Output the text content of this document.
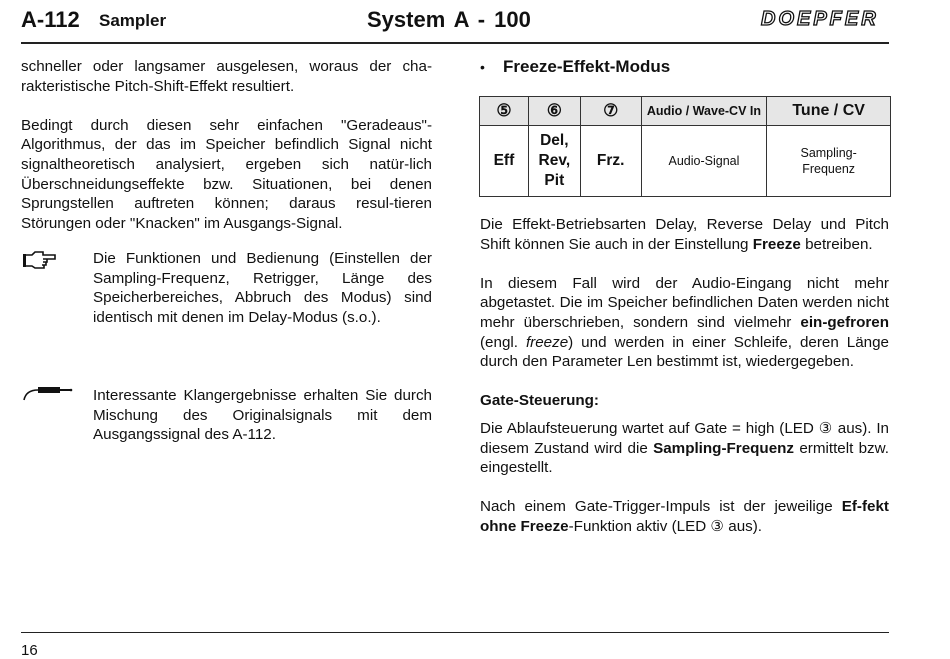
A-112 Sampler	System A - 100	DOEPFER

schneller oder langsamer ausgelesen, woraus der cha-rakteristische Pitch-Shift-Effekt resultiert.

Bedingt durch diesen sehr einfachen "Geradeaus"-Algorithmus, der das im Speicher befindlich Signal nicht signaltheoretisch analysiert, ergeben sich natür-lich Überschneidungseffekte bzw. Situationen, bei denen Sprungstellen auftreten können; daraus resul-tieren Störungen oder "Knacken" im Ausgangs-Signal.

Die Funktionen und Bedienung (Einstellen der Sampling-Frequenz, Retrigger, Länge des Speicherbereiches, Abbruch des Modus) sind identisch mit denen im Delay-Modus (s.o.).
Interessante Klangergebnisse erhalten Sie durch Mischung des Originalsignals mit dem Ausgangssignal des A-112.
• Freeze-Effekt-Modus
⑤	⑥	⑦	Audio / Wave-CV In	Tune / CV
Eff	Del,
Rev,
Pit	Frz.	Audio-Signal	Sampling-
Frequenz

Die Effekt-Betriebsarten Delay, Reverse Delay und Pitch Shift können Sie auch in der Einstellung Freeze betreiben.

In diesem Fall wird der Audio-Eingang nicht mehr abgetastet. Die im Speicher befindlichen Daten werden nicht mehr überschrieben, sondern sind vielmehr ein-gefroren (engl. freeze) und werden in einer Schleife, deren Länge durch den Parameter Len bestimmt ist, wiedergegeben.

Gate-Steuerung:

Die Ablaufsteuerung wartet auf Gate = high (LED ③ aus). In diesem Zustand wird die Sampling-Frequenz ermittelt bzw. eingestellt.

Nach einem Gate-Trigger-Impuls ist der jeweilige Ef-fekt ohne Freeze-Funktion aktiv (LED ③ aus).

16
